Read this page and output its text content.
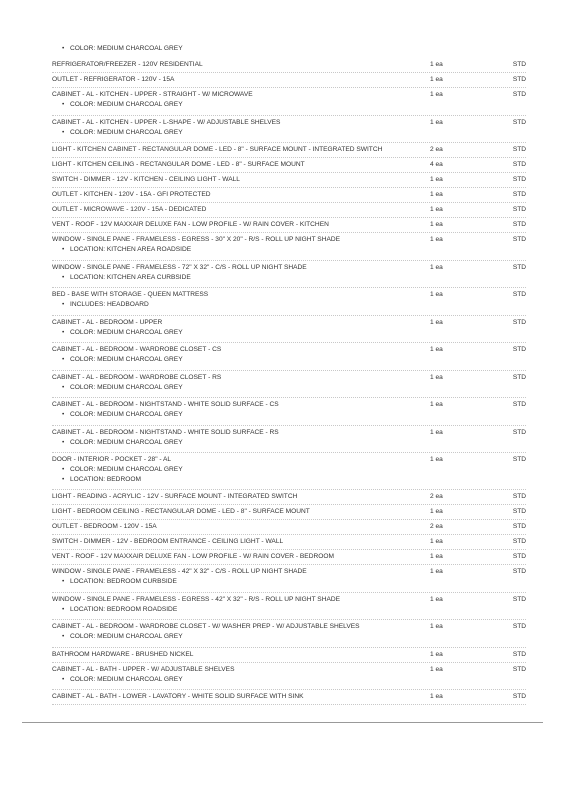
• COLOR: MEDIUM CHARCOAL GREY
REFRIGERATOR/FREEZER - 120V RESIDENTIAL	1 ea	STD
OUTLET - REFRIGERATOR - 120V - 15A	1 ea	STD
CABINET - AL - KITCHEN - UPPER - STRAIGHT - W/ MICROWAVE	1 ea	STD
• COLOR: MEDIUM CHARCOAL GREY
CABINET - AL - KITCHEN - UPPER - L-SHAPE - W/ ADJUSTABLE SHELVES	1 ea	STD
• COLOR: MEDIUM CHARCOAL GREY
LIGHT - KITCHEN CABINET - RECTANGULAR DOME - LED - 8" - SURFACE MOUNT - INTEGRATED SWITCH	2 ea	STD
LIGHT - KITCHEN CEILING - RECTANGULAR DOME - LED - 8" - SURFACE MOUNT	4 ea	STD
SWITCH - DIMMER - 12V - KITCHEN - CEILING LIGHT - WALL	1 ea	STD
OUTLET - KITCHEN - 120V - 15A - GFI PROTECTED	1 ea	STD
OUTLET - MICROWAVE - 120V - 15A - DEDICATED	1 ea	STD
VENT - ROOF - 12V MAXXAIR DELUXE FAN - LOW PROFILE - W/ RAIN COVER - KITCHEN	1 ea	STD
WINDOW - SINGLE PANE - FRAMELESS - EGRESS - 30" X 20" - R/S - ROLL UP NIGHT SHADE	1 ea	STD
• LOCATION: KITCHEN AREA ROADSIDE
WINDOW - SINGLE PANE - FRAMELESS - 72" X 32" - C/S - ROLL UP NIGHT SHADE	1 ea	STD
• LOCATION: KITCHEN AREA CURBSIDE
BED - BASE WITH STORAGE - QUEEN MATTRESS	1 ea	STD
• INCLUDES: HEADBOARD
CABINET - AL - BEDROOM - UPPER	1 ea	STD
• COLOR: MEDIUM CHARCOAL GREY
CABINET - AL - BEDROOM - WARDROBE CLOSET - CS	1 ea	STD
• COLOR: MEDIUM CHARCOAL GREY
CABINET - AL - BEDROOM - WARDROBE CLOSET - RS	1 ea	STD
• COLOR: MEDIUM CHARCOAL GREY
CABINET - AL - BEDROOM - NIGHTSTAND - WHITE SOLID SURFACE - CS	1 ea	STD
• COLOR: MEDIUM CHARCOAL GREY
CABINET - AL - BEDROOM - NIGHTSTAND - WHITE SOLID SURFACE - RS	1 ea	STD
• COLOR: MEDIUM CHARCOAL GREY
DOOR - INTERIOR - POCKET - 28" - AL	1 ea	STD
• COLOR: MEDIUM CHARCOAL GREY
• LOCATION: BEDROOM
LIGHT - READING - ACRYLIC - 12V - SURFACE MOUNT - INTEGRATED SWITCH	2 ea	STD
LIGHT - BEDROOM CEILING - RECTANGULAR DOME - LED - 8" - SURFACE MOUNT	1 ea	STD
OUTLET - BEDROOM - 120V - 15A	2 ea	STD
SWITCH - DIMMER - 12V - BEDROOM ENTRANCE - CEILING LIGHT - WALL	1 ea	STD
VENT - ROOF - 12V MAXXAIR DELUXE FAN - LOW PROFILE - W/ RAIN COVER - BEDROOM	1 ea	STD
WINDOW - SINGLE PANE - FRAMELESS - 42" X 32" - C/S - ROLL UP NIGHT SHADE	1 ea	STD
• LOCATION: BEDROOM CURBSIDE
WINDOW - SINGLE PANE - FRAMELESS - EGRESS - 42" X 32" - R/S - ROLL UP NIGHT SHADE	1 ea	STD
• LOCATION: BEDROOM ROADSIDE
CABINET - AL - BEDROOM - WARDROBE CLOSET - W/ WASHER PREP - W/ ADJUSTABLE SHELVES	1 ea	STD
• COLOR: MEDIUM CHARCOAL GREY
BATHROOM HARDWARE - BRUSHED NICKEL	1 ea	STD
CABINET - AL - BATH - UPPER - W/ ADJUSTABLE SHELVES	1 ea	STD
• COLOR: MEDIUM CHARCOAL GREY
CABINET - AL - BATH - LOWER - LAVATORY - WHITE SOLID SURFACE WITH SINK	1 ea	STD
